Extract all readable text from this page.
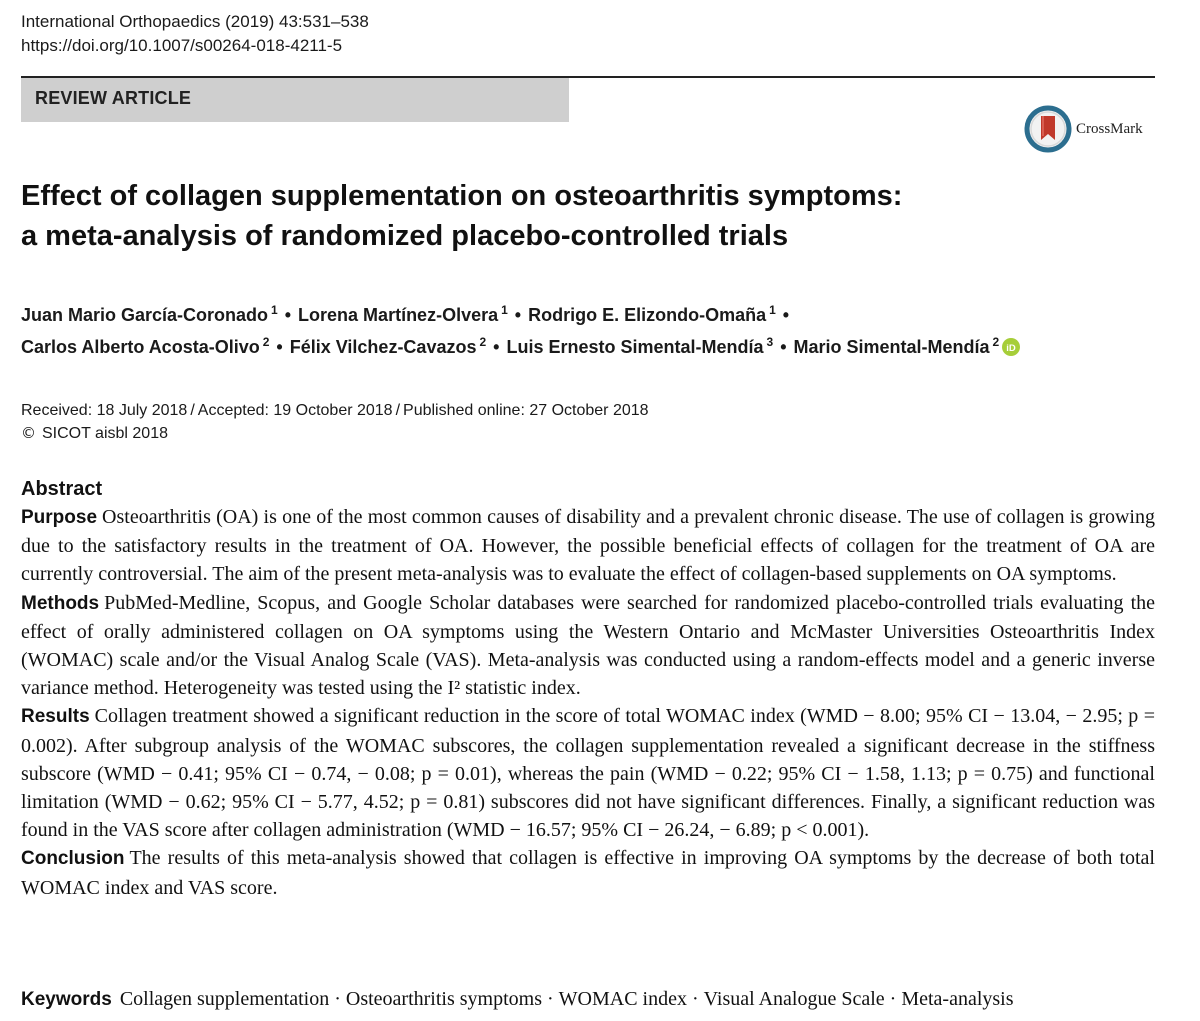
International Orthopaedics (2019) 43:531–538
https://doi.org/10.1007/s00264-018-4211-5
REVIEW ARTICLE
CrossMark
Effect of collagen supplementation on osteoarthritis symptoms:
a meta-analysis of randomized placebo-controlled trials
Juan Mario García-Coronado $^1$ • Lorena Martínez-Olvera $^1$ • Rodrigo E. Elizondo-Omaña $^1$ •
Carlos Alberto Acosta-Olivo $^2$ • Félix Vilchez-Cavazos $^2$ • Luis Ernesto Simental-Mendía $^3$ • Mario Simental-Mendía $^2$ iD
Received: 18 July 2018 / Accepted: 19 October 2018 / Published online: 27 October 2018
© SICOT aisbl 2018
Abstract

Purpose Osteoarthritis (OA) is one of the most common causes of disability and a prevalent chronic disease. The use of collagen is growing due to the satisfactory results in the treatment of OA. However, the possible beneficial effects of collagen for the treatment of OA are currently controversial. The aim of the present meta-analysis was to evaluate the effect of collagen-based supplements on OA symptoms.

Methods PubMed-Medline, Scopus, and Google Scholar databases were searched for randomized placebo-controlled trials evaluating the effect of orally administered collagen on OA symptoms using the Western Ontario and McMaster Universities Osteoarthritis Index (WOMAC) scale and/or the Visual Analog Scale (VAS). Meta-analysis was conducted using a random-effects model and a generic inverse variance method. Heterogeneity was tested using the I² statistic index.

Results Collagen treatment showed a significant reduction in the score of total WOMAC index (WMD − 8.00; 95% CI − 13.04, − 2.95; p = 0.002). After subgroup analysis of the WOMAC subscores, the collagen supplementation revealed a significant decrease in the stiffness subscore (WMD − 0.41; 95% CI − 0.74, − 0.08; p = 0.01), whereas the pain (WMD − 0.22; 95% CI − 1.58, 1.13; p = 0.75) and functional limitation (WMD − 0.62; 95% CI − 5.77, 4.52; p = 0.81) subscores did not have significant differences. Finally, a significant reduction was found in the VAS score after collagen administration (WMD − 16.57; 95% CI − 26.24, − 6.89; p < 0.001).

Conclusion The results of this meta-analysis showed that collagen is effective in improving OA symptoms by the decrease of both total WOMAC index and VAS score.

Keywords Collagen supplementation · Osteoarthritis symptoms · WOMAC index · Visual Analogue Scale · Meta-analysis
